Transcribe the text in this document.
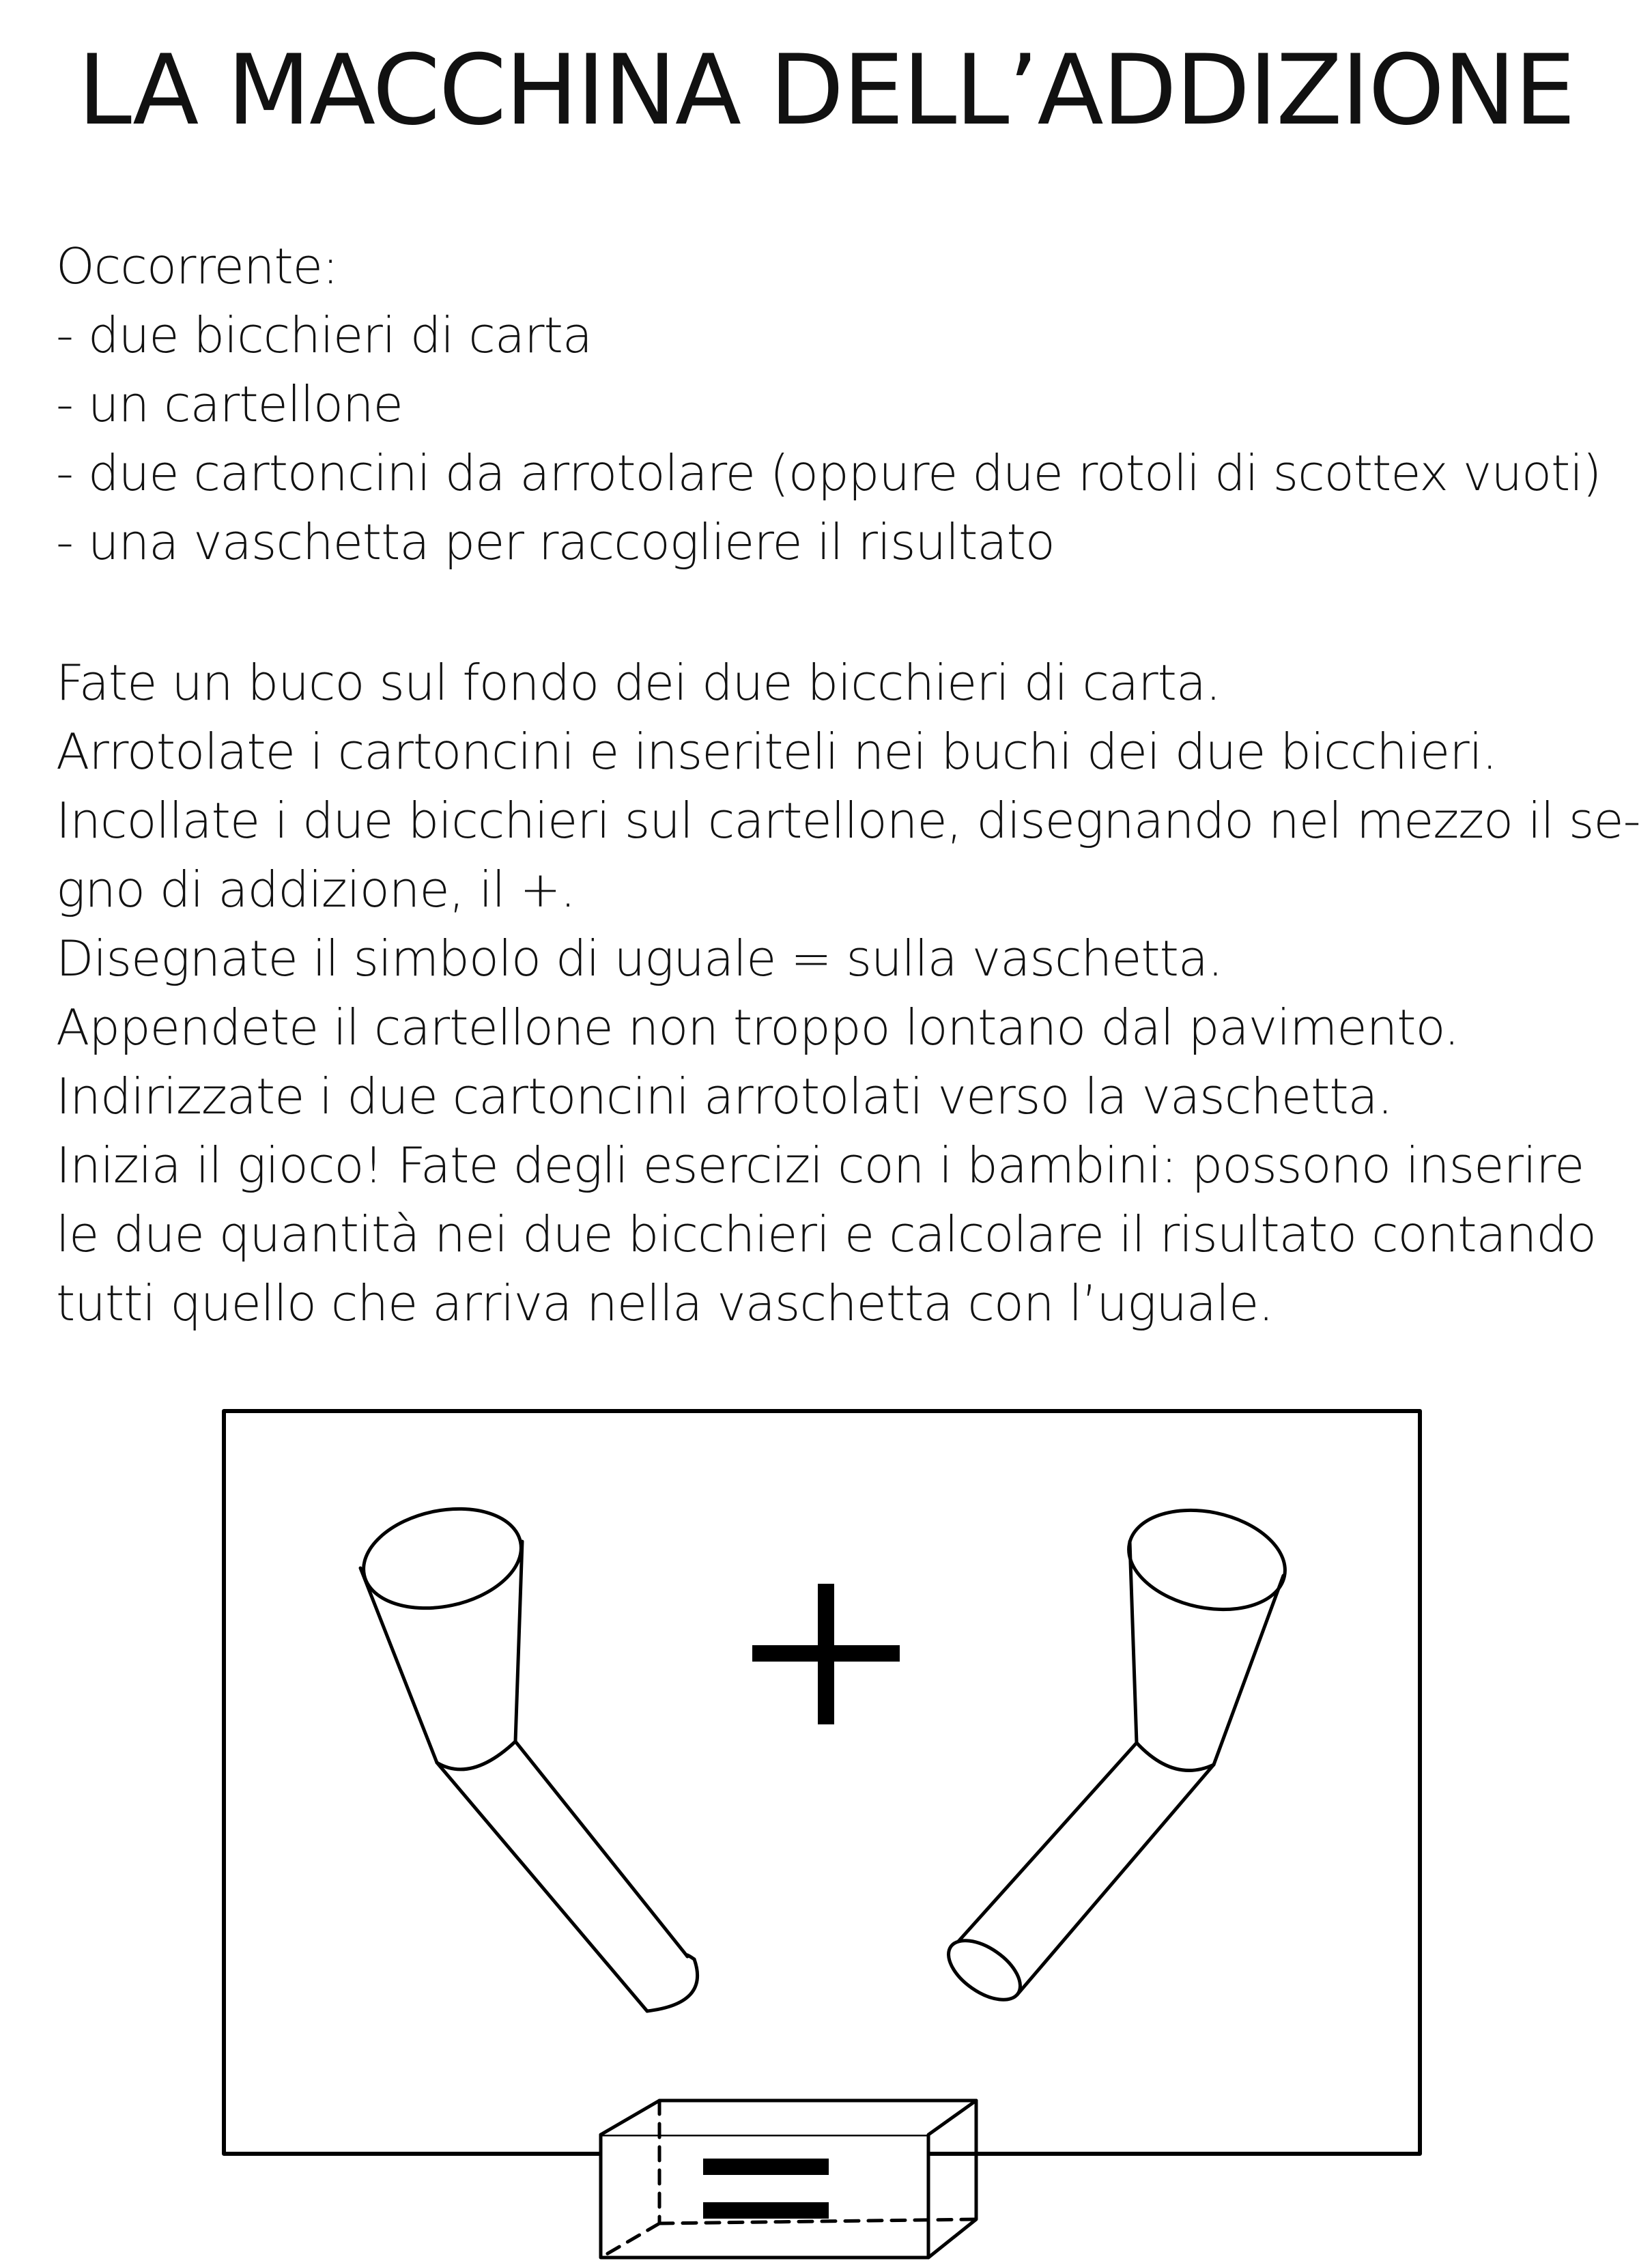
LA MACCHINA DELL’ADDIZIONE
Occorrente:
- due bicchieri di carta
- un cartellone
- due cartoncini da arrotolare (oppure due rotoli di scottex vuoti)
- una vaschetta per raccogliere il risultato
Fate un buco sul fondo dei due bicchieri di carta.
Arrotolate i cartoncini e inseriteli nei buchi dei due bicchieri.
Incollate i due bicchieri sul cartellone, disegnando nel mezzo il se-
gno di addizione, il +.
Disegnate il simbolo di uguale = sulla vaschetta.
Appendete il cartellone non troppo lontano dal pavimento.
Indirizzate i due cartoncini arrotolati verso la vaschetta.
Inizia il gioco! Fate degli esercizi con i bambini: possono inserire
le due quantità nei due bicchieri e calcolare il risultato contando
tutti quello che arriva nella vaschetta con l’uguale.
